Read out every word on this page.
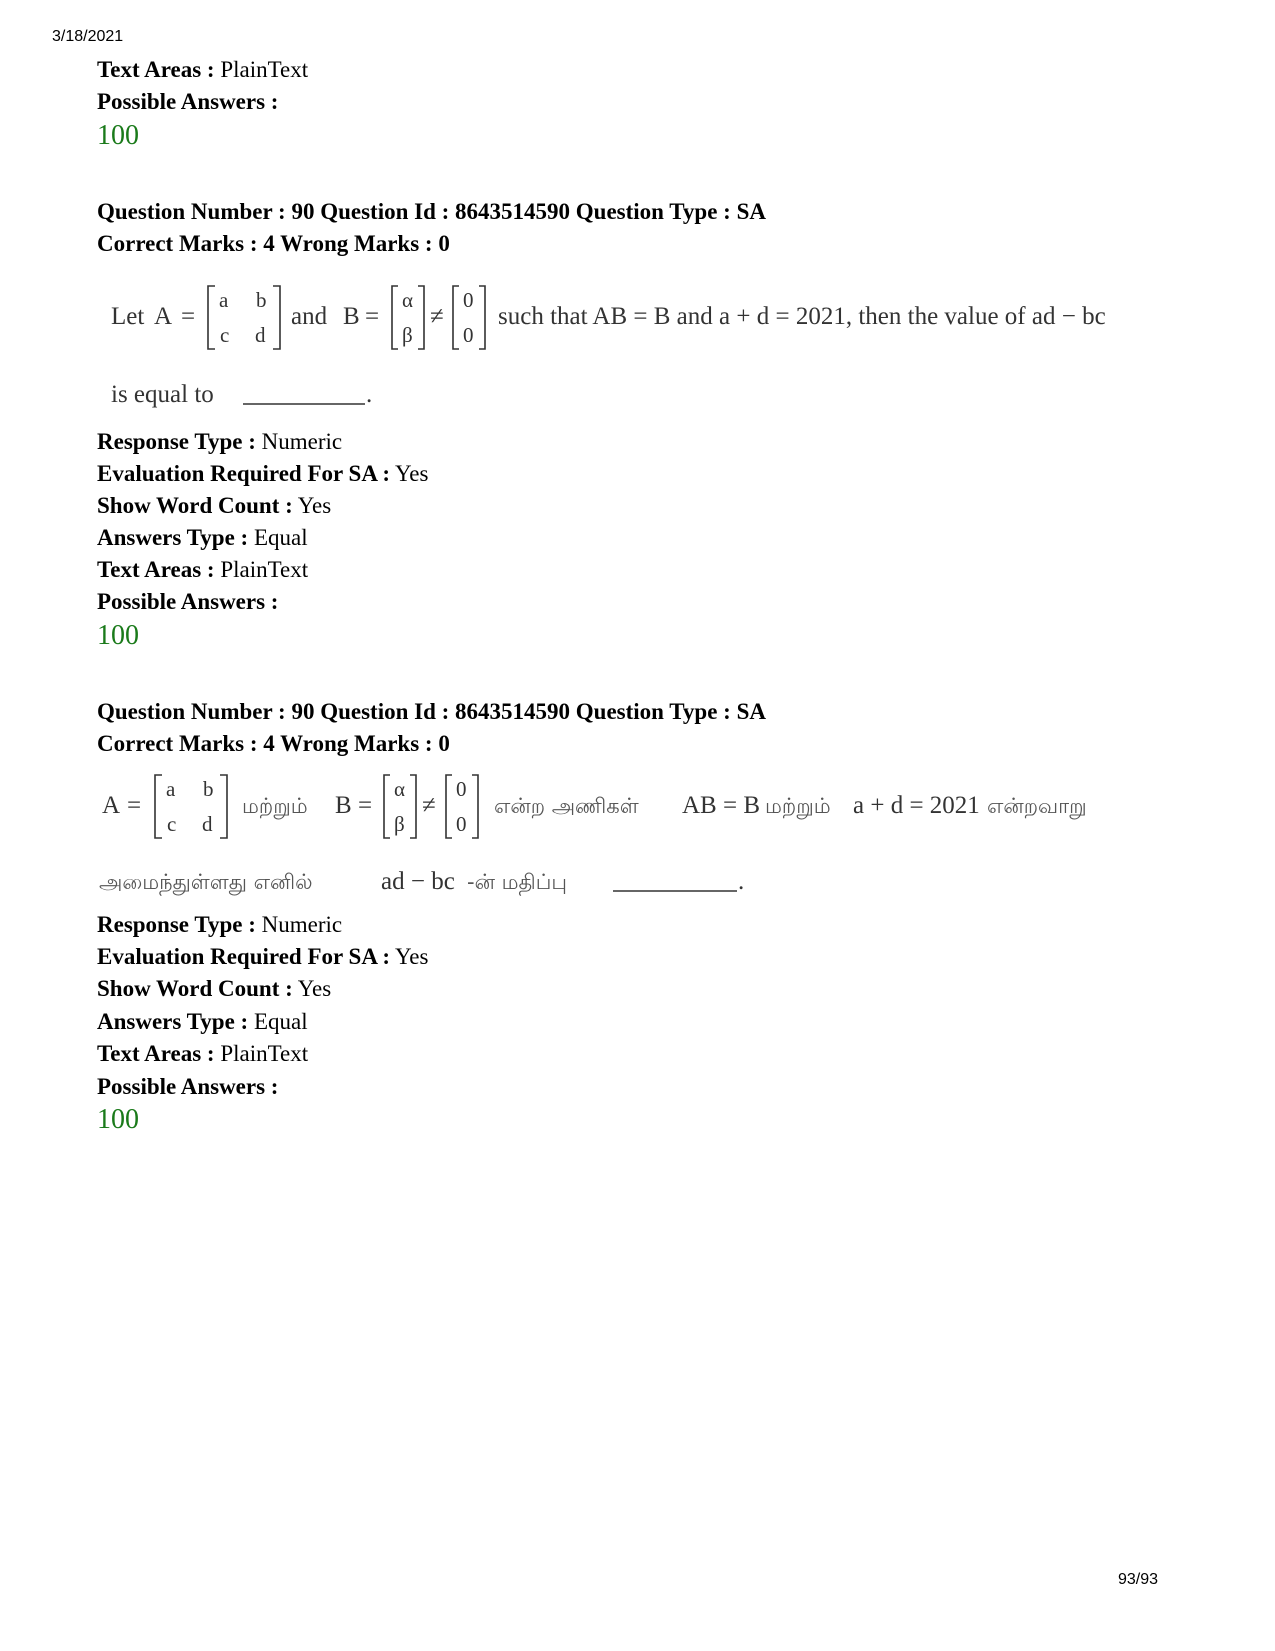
3/18/2021
Text Areas : PlainText
Possible Answers :
100
Question Number : 90 Question Id : 8643514590 Question Type : SA
Correct Marks : 4 Wrong Marks : 0
Let A =
a b
c d
and B =
α
β
≠
0
0
such that AB = B and a + d = 2021, then the value of ad − bc
is equal to	.
Response Type : Numeric
Evaluation Required For SA : Yes
Show Word Count : Yes
Answers Type : Equal
Text Areas : PlainText
Possible Answers :
100
Question Number : 90 Question Id : 8643514590 Question Type : SA
Correct Marks : 4 Wrong Marks : 0
A =
a b
c d
மற்றும் B =
α
β
≠
0
0
என்ற அணிகள் AB = B மற்றும் a + d = 2021 என்றவாறு
அமைந்துள்ளது எனில்	ad − bc -ன் மதிப்பு	.
Response Type : Numeric
Evaluation Required For SA : Yes
Show Word Count : Yes
Answers Type : Equal
Text Areas : PlainText
Possible Answers :
100
93/93
